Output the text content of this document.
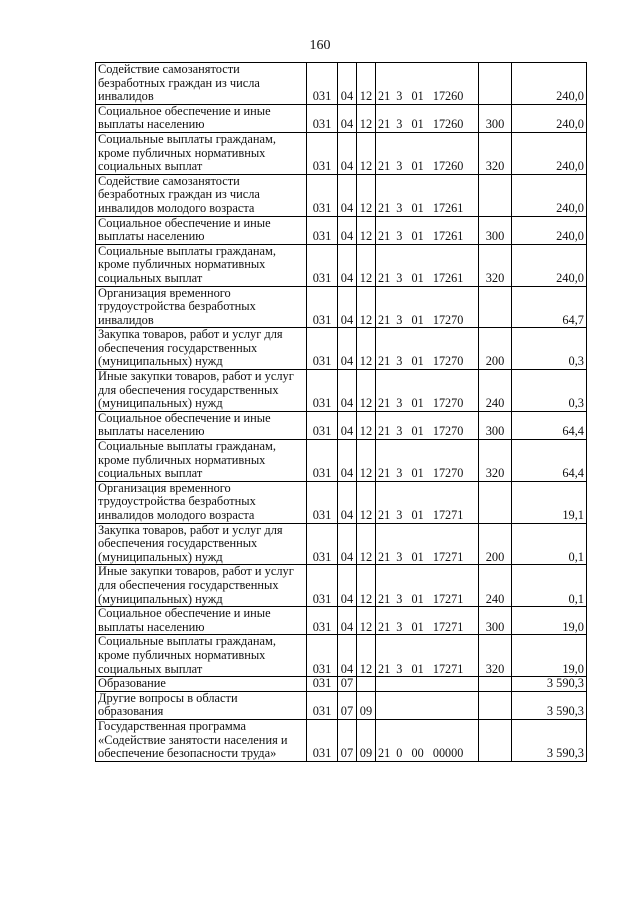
160
Содействие самозанятости
безработных граждан из числа
инвалидов	031	04	12	21  3   01   17260		240,0

Социальное обеспечение и иные
выплаты населению	031	04	12	21  3   01   17260	300	240,0

Социальные выплаты гражданам,
кроме публичных нормативных
социальных выплат	031	04	12	21  3   01   17260	320	240,0

Содействие самозанятости
безработных граждан из числа
инвалидов молодого возраста	031	04	12	21  3   01   17261		240,0

Социальное обеспечение и иные
выплаты населению	031	04	12	21  3   01   17261	300	240,0

Социальные выплаты гражданам,
кроме публичных нормативных
социальных выплат	031	04	12	21  3   01   17261	320	240,0

Организация временного
трудоустройства безработных
инвалидов	031	04	12	21  3   01   17270		64,7

Закупка товаров, работ и услуг для
обеспечения государственных
(муниципальных) нужд	031	04	12	21  3   01   17270	200	0,3

Иные закупки товаров, работ и услуг
для обеспечения государственных
(муниципальных) нужд	031	04	12	21  3   01   17270	240	0,3

Социальное обеспечение и иные
выплаты населению	031	04	12	21  3   01   17270	300	64,4

Социальные выплаты гражданам,
кроме публичных нормативных
социальных выплат	031	04	12	21  3   01   17270	320	64,4

Организация временного
трудоустройства безработных
инвалидов молодого возраста	031	04	12	21  3   01   17271		19,1

Закупка товаров, работ и услуг для
обеспечения государственных
(муниципальных) нужд	031	04	12	21  3   01   17271	200	0,1

Иные закупки товаров, работ и услуг
для обеспечения государственных
(муниципальных) нужд	031	04	12	21  3   01   17271	240	0,1

Социальное обеспечение и иные
выплаты населению	031	04	12	21  3   01   17271	300	19,0

Социальные выплаты гражданам,
кроме публичных нормативных
социальных выплат	031	04	12	21  3   01   17271	320	19,0

Образование	031	07				3 590,3

Другие вопросы в области
образования	031	07	09			3 590,3

Государственная программа
«Содействие занятости населения и
обеспечение безопасности труда»	031	07	09	21  0   00   00000		3 590,3
